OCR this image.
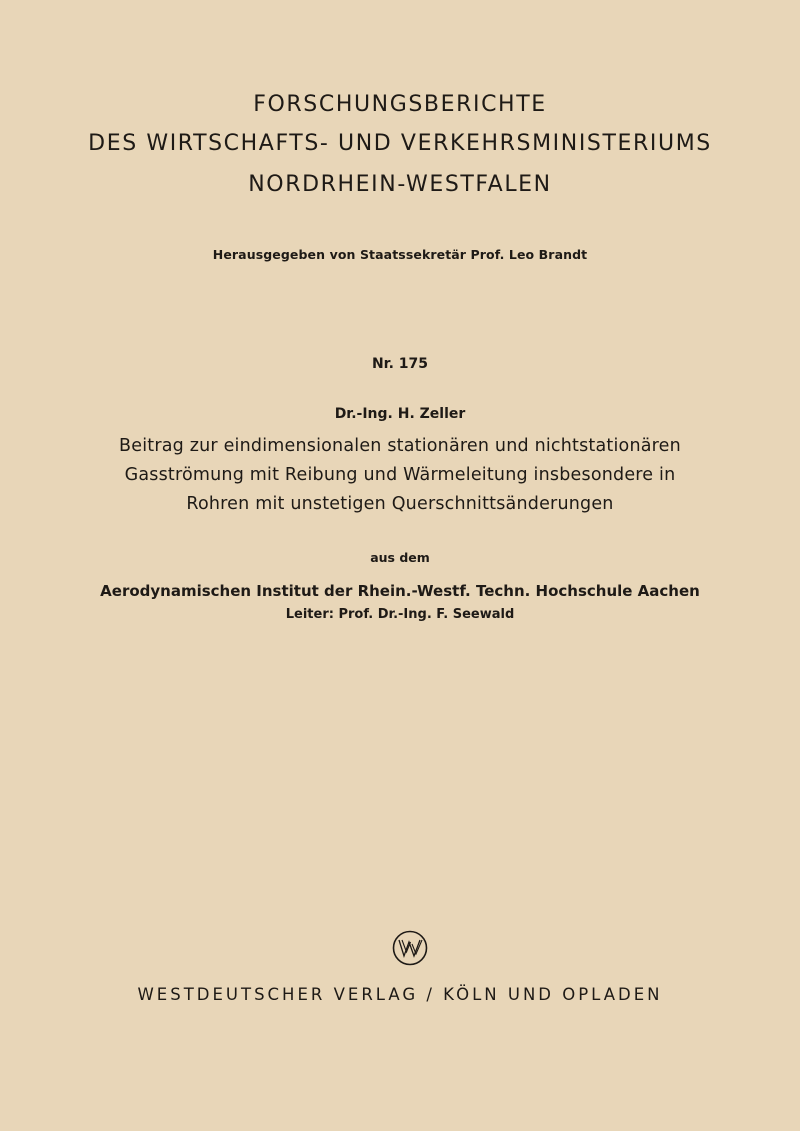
FORSCHUNGSBERICHTE
DES WIRTSCHAFTS- UND VERKEHRSMINISTERIUMS
NORDRHEIN-WESTFALEN
Herausgegeben von Staatssekretär Prof. Leo Brandt
Nr. 175
Dr.-Ing. H. Zeller
Beitrag zur eindimensionalen stationären und nichtstationären
Gasströmung mit Reibung und Wärmeleitung insbesondere in
Rohren mit unstetigen Querschnittsänderungen
aus dem
Aerodynamischen Institut der Rhein.-Westf. Techn. Hochschule Aachen
Leiter: Prof. Dr.-Ing. F. Seewald
WESTDEUTSCHER VERLAG / KÖLN UND OPLADEN
